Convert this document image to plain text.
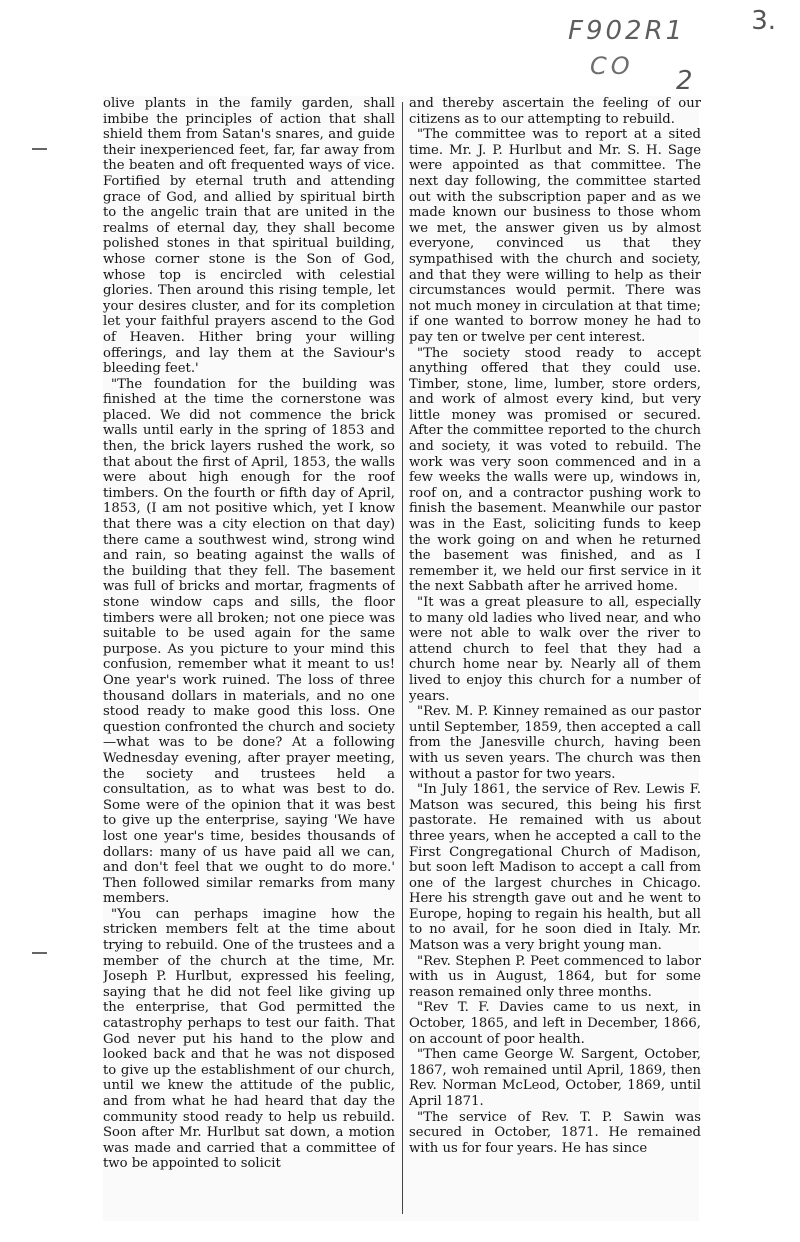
3.
F902R1
CO 2

olive plants in the family garden, shall imbibe the principles of action that shall shield them from Satan's snares, and guide their inexperienced feet, far, far away from the beaten and oft frequented ways of vice. Fortified by eternal truth and attending grace of God, and allied by spiritual birth to the angelic train that are united in the realms of eternal day, they shall become polished stones in that spiritual building, whose corner stone is the Son of God, whose top is encircled with celestial glories. Then around this rising temple, let your desires cluster, and for its completion let your faithful prayers ascend to the God of Heaven. Hither bring your willing offerings, and lay them at the Saviour's bleeding feet.'

"The foundation for the building was finished at the time the cornerstone was placed. We did not commence the brick walls until early in the spring of 1853 and then, the brick layers rushed the work, so that about the first of April, 1853, the walls were about high enough for the roof timbers. On the fourth or fifth day of April, 1853, (I am not positive which, yet I know that there was a city election on that day) there came a southwest wind, strong wind and rain, so beating against the walls of the building that they fell. The basement was full of bricks and mortar, fragments of stone window caps and sills, the floor timbers were all broken; not one piece was suitable to be used again for the same purpose. As you picture to your mind this confusion, remember what it meant to us! One year's work ruined. The loss of three thousand dollars in materials, and no one stood ready to make good this loss. One question confronted the church and society—what was to be done? At a following Wednesday evening, after prayer meeting, the society and trustees held a consultation, as to what was best to do. Some were of the opinion that it was best to give up the enterprise, saying 'We have lost one year's time, besides thousands of dollars: many of us have paid all we can, and don't feel that we ought to do more.' Then followed similar remarks from many members.

"You can perhaps imagine how the stricken members felt at the time about trying to rebuild. One of the trustees and a member of the church at the time, Mr. Joseph P. Hurlbut, expressed his feeling, saying that he did not feel like giving up the enterprise, that God permitted the catastrophy perhaps to test our faith. That God never put his hand to the plow and looked back and that he was not disposed to give up the establishment of our church, until we knew the attitude of the public, and from what he had heard that day the community stood ready to help us rebuild. Soon after Mr. Hurlbut sat down, a motion was made and carried that a committee of two be appointed to solicit

and thereby ascertain the feeling of our citizens as to our attempting to rebuild.

"The committee was to report at a sited time. Mr. J. P. Hurlbut and Mr. S. H. Sage were appointed as that committee. The next day following, the committee started out with the subscription paper and as we made known our business to those whom we met, the answer given us by almost everyone, convinced us that they sympathised with the church and society, and that they were willing to help as their circumstances would permit. There was not much money in circulation at that time; if one wanted to borrow money he had to pay ten or twelve per cent interest.

"The society stood ready to accept anything offered that they could use. Timber, stone, lime, lumber, store orders, and work of almost every kind, but very little money was promised or secured. After the committee reported to the church and society, it was voted to rebuild. The work was very soon commenced and in a few weeks the walls were up, windows in, roof on, and a contractor pushing work to finish the basement. Meanwhile our pastor was in the East, soliciting funds to keep the work going on and when he returned the basement was finished, and as I remember it, we held our first service in it the next Sabbath after he arrived home.

"It was a great pleasure to all, especially to many old ladies who lived near, and who were not able to walk over the river to attend church to feel that they had a church home near by. Nearly all of them lived to enjoy this church for a number of years.

"Rev. M. P. Kinney remained as our pastor until September, 1859, then accepted a call from the Janesville church, having been with us seven years. The church was then without a pastor for two years.

"In July 1861, the service of Rev. Lewis F. Matson was secured, this being his first pastorate. He remained with us about three years, when he accepted a call to the First Congregational Church of Madison, but soon left Madison to accept a call from one of the largest churches in Chicago. Here his strength gave out and he went to Europe, hoping to regain his health, but all to no avail, for he soon died in Italy. Mr. Matson was a very bright young man.

"Rev. Stephen P. Peet commenced to labor with us in August, 1864, but for some reason remained only three months.

"Rev T. F. Davies came to us next, in October, 1865, and left in December, 1866, on account of poor health.

"Then came George W. Sargent, October, 1867, woh remained until April, 1869, then Rev. Norman McLeod, October, 1869, until April 1871.

"The service of Rev. T. P. Sawin was secured in October, 1871. He remained with us for four years. He has since
